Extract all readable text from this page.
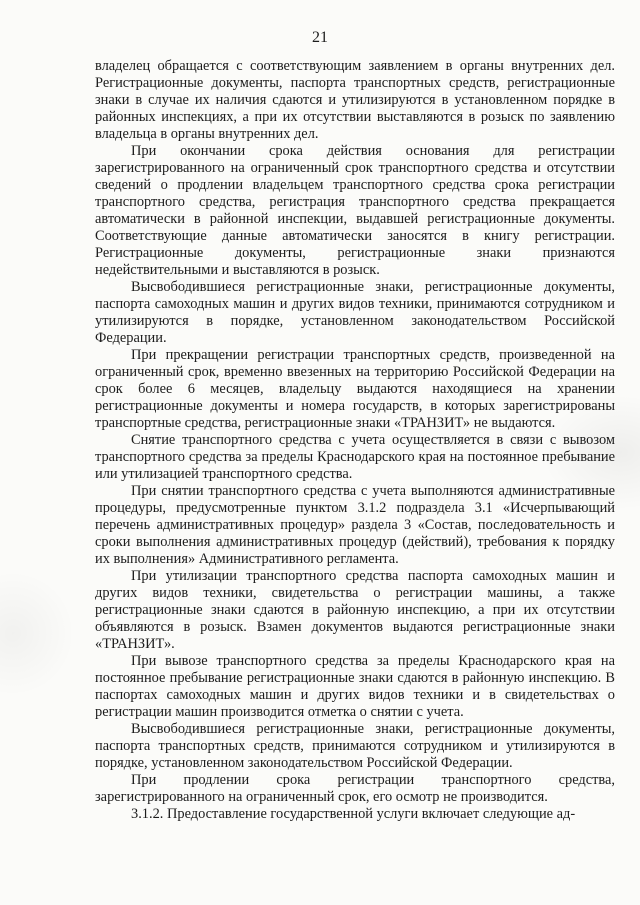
21

владелец обращается с соответствующим заявлением в органы внутренних дел. Регистрационные документы, паспорта транспортных средств, регистрационные знаки в случае их наличия сдаются и утилизируются в установленном порядке в районных инспекциях, а при их отсутствии выставляются в розыск по заявлению владельца в органы внутренних дел.

При окончании срока действия основания для регистрации зарегистрированного на ограниченный срок транспортного средства и отсутствии сведений о продлении владельцем транспортного средства срока регистрации транспортного средства, регистрация транспортного средства прекращается автоматически в районной инспекции, выдавшей регистрационные документы. Соответствующие данные автоматически заносятся в книгу регистрации. Регистрационные документы, регистрационные знаки признаются недействительными и выставляются в розыск.

Высвободившиеся регистрационные знаки, регистрационные документы, паспорта самоходных машин и других видов техники, принимаются сотрудником и утилизируются в порядке, установленном законодательством Российской Федерации.

При прекращении регистрации транспортных средств, произведенной на ограниченный срок, временно ввезенных на территорию Российской Федерации на срок более 6 месяцев, владельцу выдаются находящиеся на хранении регистрационные документы и номера государств, в которых зарегистрированы транспортные средства, регистрационные знаки «ТРАНЗИТ» не выдаются.

Снятие транспортного средства с учета осуществляется в связи с вывозом транспортного средства за пределы Краснодарского края на постоянное пребывание или утилизацией транспортного средства.

При снятии транспортного средства с учета выполняются административные процедуры, предусмотренные пунктом 3.1.2 подраздела 3.1 «Исчерпывающий перечень административных процедур» раздела 3 «Состав, последовательность и сроки выполнения административных процедур (действий), требования к порядку их выполнения» Административного регламента.

При утилизации транспортного средства паспорта самоходных машин и других видов техники, свидетельства о регистрации машины, а также регистрационные знаки сдаются в районную инспекцию, а при их отсутствии объявляются в розыск. Взамен документов выдаются регистрационные знаки «ТРАНЗИТ».

При вывозе транспортного средства за пределы Краснодарского края на постоянное пребывание регистрационные знаки сдаются в районную инспекцию. В паспортах самоходных машин и других видов техники и в свидетельствах о регистрации машин производится отметка о снятии с учета.

Высвободившиеся регистрационные знаки, регистрационные документы, паспорта транспортных средств, принимаются сотрудником и утилизируются в порядке, установленном законодательством Российской Федерации.

При продлении срока регистрации транспортного средства, зарегистрированного на ограниченный срок, его осмотр не производится.

3.1.2. Предоставление государственной услуги включает следующие ад-
